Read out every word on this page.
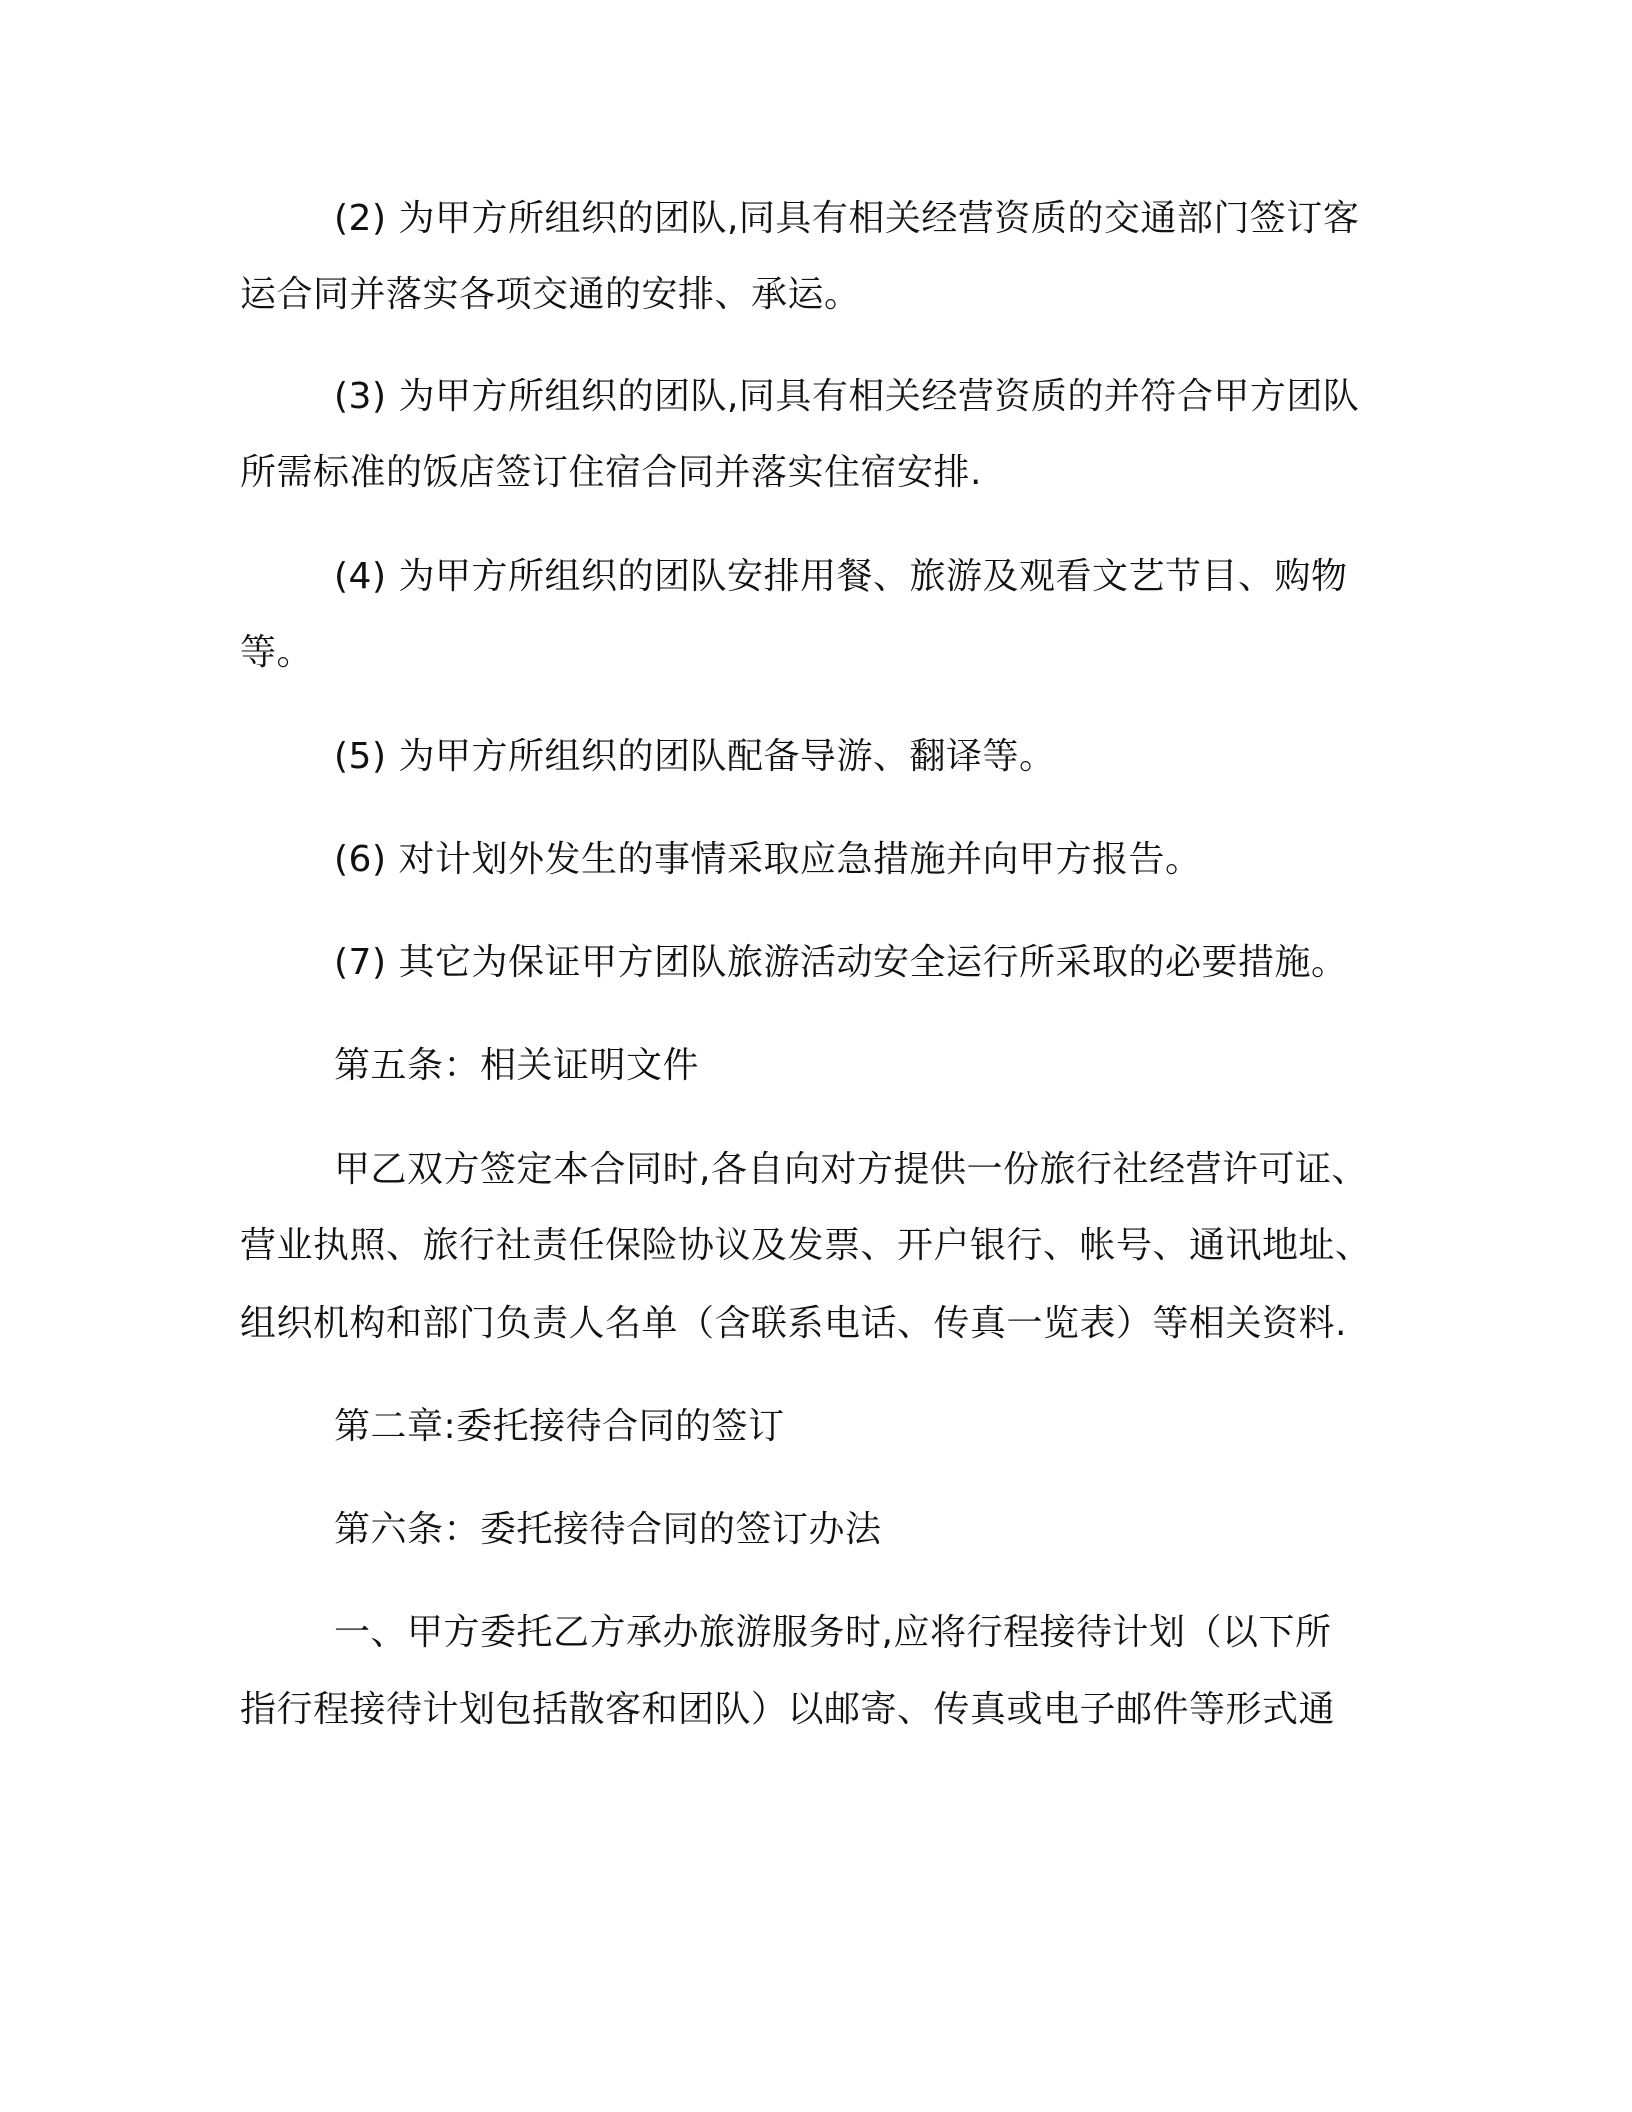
(2) 为甲方所组织的团队,同具有相关经营资质的交通部门签订客
运合同并落实各项交通的安排、承运。
(3) 为甲方所组织的团队,同具有相关经营资质的并符合甲方团队
所需标准的饭店签订住宿合同并落实住宿安排.
(4) 为甲方所组织的团队安排用餐、旅游及观看文艺节目、购物
等。
(5) 为甲方所组织的团队配备导游、翻译等。
(6) 对计划外发生的事情采取应急措施并向甲方报告。
(7) 其它为保证甲方团队旅游活动安全运行所采取的必要措施。
第五条：相关证明文件
甲乙双方签定本合同时,各自向对方提供一份旅行社经营许可证、
营业执照、旅行社责任保险协议及发票、开户银行、帐号、通讯地址、
组织机构和部门负责人名单（含联系电话、传真一览表）等相关资料.
第二章:委托接待合同的签订
第六条：委托接待合同的签订办法
一、甲方委托乙方承办旅游服务时,应将行程接待计划（以下所
指行程接待计划包括散客和团队）以邮寄、传真或电子邮件等形式通
